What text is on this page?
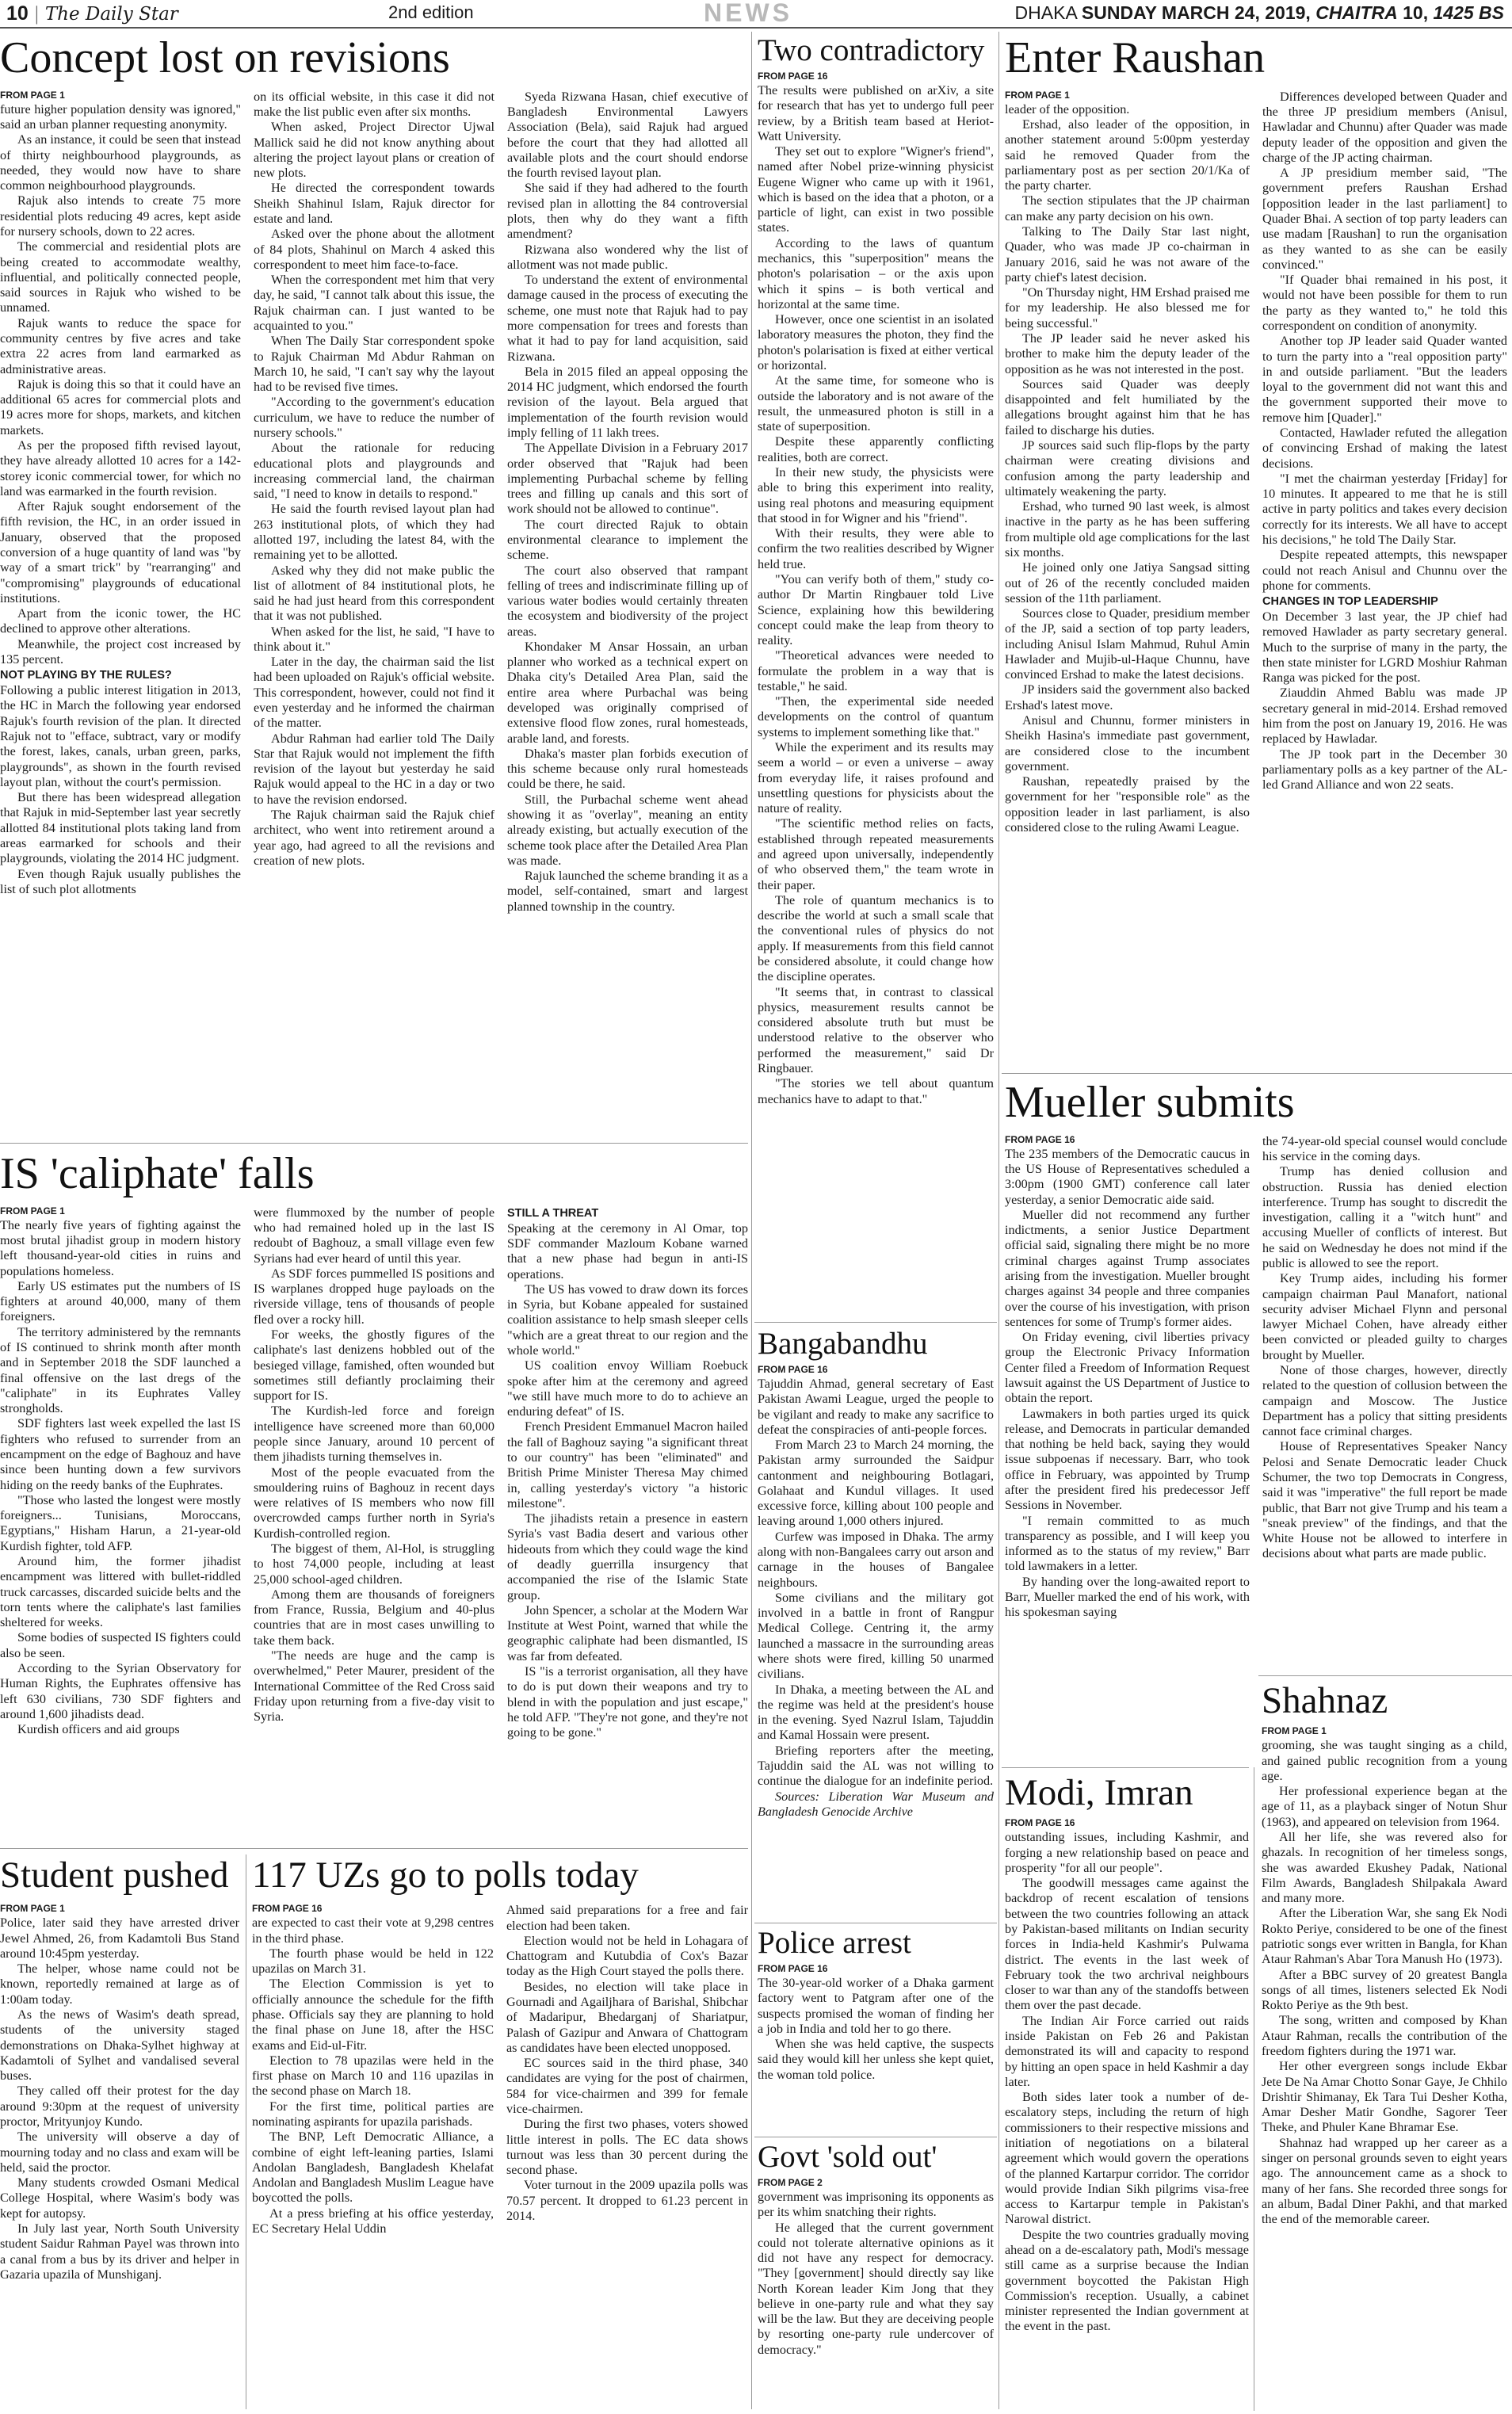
10 | The Daily Star	2nd edition	NEWS	DHAKA SUNDAY MARCH 24, 2019, CHAITRA 10, 1425 BS
Concept lost on revisions
FROM PAGE 1

future higher population density was ignored," said an urban planner requesting anonymity.

As an instance, it could be seen that instead of thirty neighbourhood playgrounds, as needed, they would now have to share common neighbourhood playgrounds.

Rajuk also intends to create 75 more residential plots reducing 49 acres, kept aside for nursery schools, down to 22 acres.

The commercial and residential plots are being created to accommodate wealthy, influential, and politically connected people, said sources in Rajuk who wished to be unnamed.

Rajuk wants to reduce the space for community centres by five acres and take extra 22 acres from land earmarked as administrative areas.

Rajuk is doing this so that it could have an additional 65 acres for commercial plots and 19 acres more for shops, markets, and kitchen markets.

As per the proposed fifth revised layout, they have already allotted 10 acres for a 142-storey iconic commercial tower, for which no land was earmarked in the fourth revision.

After Rajuk sought endorsement of the fifth revision, the HC, in an order issued in January, observed that the proposed conversion of a huge quantity of land was "by way of a smart trick" by "rearranging" and "compromising" playgrounds of educational institutions.

Apart from the iconic tower, the HC declined to approve other alterations.

Meanwhile, the project cost increased by 135 percent.

NOT PLAYING BY THE RULES?

Following a public interest litigation in 2013, the HC in March the following year endorsed Rajuk's fourth revision of the plan. It directed Rajuk not to "efface, subtract, vary or modify the forest, lakes, canals, urban green, parks, playgrounds", as shown in the fourth revised layout plan, without the court's permission.

But there has been widespread allegation that Rajuk in mid-September last year secretly allotted 84 institutional plots taking land from areas earmarked for schools and their playgrounds, violating the 2014 HC judgment.

Even though Rajuk usually publishes the list of such plot allotments

on its official website, in this case it did not make the list public even after six months.

When asked, Project Director Ujwal Mallick said he did not know anything about altering the project layout plans or creation of new plots.

He directed the correspondent towards Sheikh Shahinul Islam, Rajuk director for estate and land.

Asked over the phone about the allotment of 84 plots, Shahinul on March 4 asked this correspondent to meet him face-to-face.

When the correspondent met him that very day, he said, "I cannot talk about this issue, the Rajuk chairman can. I just wanted to be acquainted to you."

When The Daily Star correspondent spoke to Rajuk Chairman Md Abdur Rahman on March 10, he said, "I can't say why the layout had to be revised five times.

"According to the government's education curriculum, we have to reduce the number of nursery schools."

About the rationale for reducing educational plots and playgrounds and increasing commercial land, the chairman said, "I need to know in details to respond."

He said the fourth revised layout plan had 263 institutional plots, of which they had allotted 197, including the latest 84, with the remaining yet to be allotted.

Asked why they did not make public the list of allotment of 84 institutional plots, he said he had just heard from this correspondent that it was not published.

When asked for the list, he said, "I have to think about it."

Later in the day, the chairman said the list had been uploaded on Rajuk's official website. This correspondent, however, could not find it even yesterday and he informed the chairman of the matter.

Abdur Rahman had earlier told The Daily Star that Rajuk would not implement the fifth revision of the layout but yesterday he said Rajuk would appeal to the HC in a day or two to have the revision endorsed.

The Rajuk chairman said the Rajuk chief architect, who went into retirement around a year ago, had agreed to all the revisions and creation of new plots.

Syeda Rizwana Hasan, chief executive of Bangladesh Environmental Lawyers Association (Bela), said Rajuk had argued before the court that they had allotted all available plots and the court should endorse the fourth revised layout plan.

She said if they had adhered to the fourth revised plan in allotting the 84 controversial plots, then why do they want a fifth amendment?

Rizwana also wondered why the list of allotment was not made public.

To understand the extent of environmental damage caused in the process of executing the scheme, one must note that Rajuk had to pay more compensation for trees and forests than what it had to pay for land acquisition, said Rizwana.

Bela in 2015 filed an appeal opposing the 2014 HC judgment, which endorsed the fourth revision of the layout. Bela argued that implementation of the fourth revision would imply felling of 11 lakh trees.

The Appellate Division in a February 2017 order observed that "Rajuk had been implementing Purbachal scheme by felling trees and filling up canals and this sort of work should not be allowed to continue".

The court directed Rajuk to obtain environmental clearance to implement the scheme.

The court also observed that rampant felling of trees and indiscriminate filling up of various water bodies would certainly threaten the ecosystem and biodiversity of the project areas.

Khondaker M Ansar Hossain, an urban planner who worked as a technical expert on Dhaka city's Detailed Area Plan, said the entire area where Purbachal was being developed was originally comprised of extensive flood flow zones, rural homesteads, arable land, and forests.

Dhaka's master plan forbids execution of this scheme because only rural homesteads could be there, he said.

Still, the Purbachal scheme went ahead showing it as "overlay", meaning an entity already existing, but actually execution of the scheme took place after the Detailed Area Plan was made.

Rajuk launched the scheme branding it as a model, self-contained, smart and largest planned township in the country.

IS 'caliphate' falls
FROM PAGE 1

The nearly five years of fighting against the most brutal jihadist group in modern history left thousand-year-old cities in ruins and populations homeless.

Early US estimates put the numbers of IS fighters at around 40,000, many of them foreigners.

The territory administered by the remnants of IS continued to shrink month after month and in September 2018 the SDF launched a final offensive on the last dregs of the "caliphate" in its Euphrates Valley strongholds.

SDF fighters last week expelled the last IS fighters who refused to surrender from an encampment on the edge of Baghouz and have since been hunting down a few survivors hiding on the reedy banks of the Euphrates.

"Those who lasted the longest were mostly foreigners... Tunisians, Moroccans, Egyptians," Hisham Harun, a 21-year-old Kurdish fighter, told AFP.

Around him, the former jihadist encampment was littered with bullet-riddled truck carcasses, discarded suicide belts and the torn tents where the caliphate's last families sheltered for weeks.

Some bodies of suspected IS fighters could also be seen.

According to the Syrian Observatory for Human Rights, the Euphrates offensive has left 630 civilians, 730 SDF fighters and around 1,600 jihadists dead.

Kurdish officers and aid groups

were flummoxed by the number of people who had remained holed up in the last IS redoubt of Baghouz, a small village even few Syrians had ever heard of until this year.

As SDF forces pummelled IS positions and IS warplanes dropped huge payloads on the riverside village, tens of thousands of people fled over a rocky hill.

For weeks, the ghostly figures of the caliphate's last denizens hobbled out of the besieged village, famished, often wounded but sometimes still defiantly proclaiming their support for IS.

The Kurdish-led force and foreign intelligence have screened more than 60,000 people since January, around 10 percent of them jihadists turning themselves in.

Most of the people evacuated from the smouldering ruins of Baghouz in recent days were relatives of IS members who now fill overcrowded camps further north in Syria's Kurdish-controlled region.

The biggest of them, Al-Hol, is struggling to host 74,000 people, including at least 25,000 school-aged children.

Among them are thousands of foreigners from France, Russia, Belgium and 40-plus countries that are in most cases unwilling to take them back.

"The needs are huge and the camp is overwhelmed," Peter Maurer, president of the International Committee of the Red Cross said Friday upon returning from a five-day visit to Syria.

STILL A THREAT

Speaking at the ceremony in Al Omar, top SDF commander Mazloum Kobane warned that a new phase had begun in anti-IS operations.

The US has vowed to draw down its forces in Syria, but Kobane appealed for sustained coalition assistance to help smash sleeper cells "which are a great threat to our region and the whole world."

US coalition envoy William Roebuck spoke after him at the ceremony and agreed "we still have much more to do to achieve an enduring defeat" of IS.

French President Emmanuel Macron hailed the fall of Baghouz saying "a significant threat to our country" has been "eliminated" and British Prime Minister Theresa May chimed in, calling yesterday's victory "a historic milestone".

The jihadists retain a presence in eastern Syria's vast Badia desert and various other hideouts from which they could wage the kind of deadly guerrilla insurgency that accompanied the rise of the Islamic State group.

John Spencer, a scholar at the Modern War Institute at West Point, warned that while the geographic caliphate had been dismantled, IS was far from defeated.

IS "is a terrorist organisation, all they have to do is put down their weapons and try to blend in with the population and just escape," he told AFP. "They're not gone, and they're not going to be gone."

Student pushed
FROM PAGE 1

Police, later said they have arrested driver Jewel Ahmed, 26, from Kadamtoli Bus Stand around 10:45pm yesterday.

The helper, whose name could not be known, reportedly remained at large as of 1:00am today.

As the news of Wasim's death spread, students of the university staged demonstrations on Dhaka-Sylhet highway at Kadamtoli of Sylhet and vandalised several buses.

They called off their protest for the day around 9:30pm at the request of university proctor, Mrityunjoy Kundo.

The university will observe a day of mourning today and no class and exam will be held, said the proctor.

Many students crowded Osmani Medical College Hospital, where Wasim's body was kept for autopsy.

In July last year, North South University student Saidur Rahman Payel was thrown into a canal from a bus by its driver and helper in Gazaria upazila of Munshiganj.

117 UZs go to polls today
FROM PAGE 16

are expected to cast their vote at 9,298 centres in the third phase.

The fourth phase would be held in 122 upazilas on March 31.

The Election Commission is yet to officially announce the schedule for the fifth phase. Officials say they are planning to hold the final phase on June 18, after the HSC exams and Eid-ul-Fitr.

Election to 78 upazilas were held in the first phase on March 10 and 116 upazilas in the second phase on March 18.

For the first time, political parties are nominating aspirants for upazila parishads.

The BNP, Left Democratic Alliance, a combine of eight left-leaning parties, Islami Andolan Bangladesh, Bangladesh Khelafat Andolan and Bangladesh Muslim League have boycotted the polls.

At a press briefing at his office yesterday, EC Secretary Helal Uddin

Ahmed said preparations for a free and fair election had been taken.

Election would not be held in Lohagara of Chattogram and Kutubdia of Cox's Bazar today as the High Court stayed the polls there.

Besides, no election will take place in Gournadi and Agailjhara of Barishal, Shibchar of Madaripur, Bhedarganj of Shariatpur, Palash of Gazipur and Anwara of Chattogram as candidates have been elected unopposed.

EC sources said in the third phase, 340 candidates are vying for the post of chairmen, 584 for vice-chairmen and 399 for female vice-chairmen.

During the first two phases, voters showed little interest in polls. The EC data shows turnout was less than 30 percent during the second phase.

Voter turnout in the 2009 upazila polls was 70.57 percent. It dropped to 61.23 percent in 2014.

Two contradictory
FROM PAGE 16

The results were published on arXiv, a site for research that has yet to undergo full peer review, by a British team based at Heriot-Watt University.

They set out to explore "Wigner's friend", named after Nobel prize-winning physicist Eugene Wigner who came up with it 1961, which is based on the idea that a photon, or a particle of light, can exist in two possible states.

According to the laws of quantum mechanics, this "superposition" means the photon's polarisation – or the axis upon which it spins – is both vertical and horizontal at the same time.

However, once one scientist in an isolated laboratory measures the photon, they find the photon's polarisation is fixed at either vertical or horizontal.

At the same time, for someone who is outside the laboratory and is not aware of the result, the unmeasured photon is still in a state of superposition.

Despite these apparently conflicting realities, both are correct.

In their new study, the physicists were able to bring this experiment into reality, using real photons and measuring equipment that stood in for Wigner and his "friend".

With their results, they were able to confirm the two realities described by Wigner held true.

"You can verify both of them," study co-author Dr Martin Ringbauer told Live Science, explaining how this bewildering concept could make the leap from theory to reality.

"Theoretical advances were needed to formulate the problem in a way that is testable," he said.

"Then, the experimental side needed developments on the control of quantum systems to implement something like that."

While the experiment and its results may seem a world – or even a universe – away from everyday life, it raises profound and unsettling questions for physicists about the nature of reality.

"The scientific method relies on facts, established through repeated measurements and agreed upon universally, independently of who observed them," the team wrote in their paper.

The role of quantum mechanics is to describe the world at such a small scale that the conventional rules of physics do not apply. If measurements from this field cannot be considered absolute, it could change how the discipline operates.

"It seems that, in contrast to classical physics, measurement results cannot be considered absolute truth but must be understood relative to the observer who performed the measurement," said Dr Ringbauer.

"The stories we tell about quantum mechanics have to adapt to that."

Bangabandhu
FROM PAGE 16

Tajuddin Ahmad, general secretary of East Pakistan Awami League, urged the people to be vigilant and ready to make any sacrifice to defeat the conspiracies of anti-people forces.

From March 23 to March 24 morning, the Pakistan army surrounded the Saidpur cantonment and neighbouring Botlagari, Golahaat and Kundul villages. It used excessive force, killing about 100 people and leaving around 1,000 others injured.

Curfew was imposed in Dhaka. The army along with non-Bangalees carry out arson and carnage in the houses of Bangalee neighbours.

Some civilians and the military got involved in a battle in front of Rangpur Medical College. Centring it, the army launched a massacre in the surrounding areas where shots were fired, killing 50 unarmed civilians.

In Dhaka, a meeting between the AL and the regime was held at the president's house in the evening. Syed Nazrul Islam, Tajuddin and Kamal Hossain were present.

Briefing reporters after the meeting, Tajuddin said the AL was not willing to continue the dialogue for an indefinite period.

Sources: Liberation War Museum and Bangladesh Genocide Archive

Police arrest
FROM PAGE 16

The 30-year-old worker of a Dhaka garment factory went to Patgram after one of the suspects promised the woman of finding her a job in India and told her to go there.

When she was held captive, the suspects said they would kill her unless she kept quiet, the woman told police.

Govt 'sold out'
FROM PAGE 2

government was imprisoning its opponents as per its whim snatching their rights.

He alleged that the current government could not tolerate alternative opinions as it did not have any respect for democracy. "They [government] should directly say like North Korean leader Kim Jong that they believe in one-party rule and what they say will be the law. But they are deceiving people by resorting one-party rule undercover of democracy."

Enter Raushan
FROM PAGE 1

leader of the opposition.

Ershad, also leader of the opposition, in another statement around 5:00pm yesterday said he removed Quader from the parliamentary post as per section 20/1/Ka of the party charter.

The section stipulates that the JP chairman can make any party decision on his own.

Talking to The Daily Star last night, Quader, who was made JP co-chairman in January 2016, said he was not aware of the party chief's latest decision.

"On Thursday night, HM Ershad praised me for my leadership. He also blessed me for being successful."

The JP leader said he never asked his brother to make him the deputy leader of the opposition as he was not interested in the post.

Sources said Quader was deeply disappointed and felt humiliated by the allegations brought against him that he has failed to discharge his duties.

JP sources said such flip-flops by the party chairman were creating divisions and confusion among the party leadership and ultimately weakening the party.

Ershad, who turned 90 last week, is almost inactive in the party as he has been suffering from multiple old age complications for the last six months.

He joined only one Jatiya Sangsad sitting out of 26 of the recently concluded maiden session of the 11th parliament.

Sources close to Quader, presidium member of the JP, said a section of top party leaders, including Anisul Islam Mahmud, Ruhul Amin Hawlader and Mujib-ul-Haque Chunnu, have convinced Ershad to make the latest decisions.

JP insiders said the government also backed Ershad's latest move.

Anisul and Chunnu, former ministers in Sheikh Hasina's immediate past government, are considered close to the incumbent government.

Raushan, repeatedly praised by the government for her "responsible role" as the opposition leader in last parliament, is also considered close to the ruling Awami League.

Differences developed between Quader and the three JP presidium members (Anisul, Hawladar and Chunnu) after Quader was made deputy leader of the opposition and given the charge of the JP acting chairman.

A JP presidium member said, "The government prefers Raushan Ershad [opposition leader in the last parliament] to Quader Bhai. A section of top party leaders can use madam [Raushan] to run the organisation as they wanted to as she can be easily convinced."

"If Quader bhai remained in his post, it would not have been possible for them to run the party as they wanted to," he told this correspondent on condition of anonymity.

Another top JP leader said Quader wanted to turn the party into a "real opposition party" in and outside parliament. "But the leaders loyal to the government did not want this and the government supported their move to remove him [Quader]."

Contacted, Hawlader refuted the allegation of convincing Ershad of making the latest decisions.

"I met the chairman yesterday [Friday] for 10 minutes. It appeared to me that he is still active in party politics and takes every decision correctly for its interests. We all have to accept his decisions," he told The Daily Star.

Despite repeated attempts, this newspaper could not reach Anisul and Chunnu over the phone for comments.

CHANGES IN TOP LEADERSHIP

On December 3 last year, the JP chief had removed Hawlader as party secretary general. Much to the surprise of many in the party, the then state minister for LGRD Moshiur Rahman Ranga was picked for the post.

Ziauddin Ahmed Bablu was made JP secretary general in mid-2014. Ershad removed him from the post on January 19, 2016. He was replaced by Hawladar.

The JP took part in the December 30 parliamentary polls as a key partner of the AL-led Grand Alliance and won 22 seats.

Mueller submits
FROM PAGE 16

The 235 members of the Democratic caucus in the US House of Representatives scheduled a 3:00pm (1900 GMT) conference call later yesterday, a senior Democratic aide said.

Mueller did not recommend any further indictments, a senior Justice Department official said, signaling there might be no more criminal charges against Trump associates arising from the investigation. Mueller brought charges against 34 people and three companies over the course of his investigation, with prison sentences for some of Trump's former aides.

On Friday evening, civil liberties privacy group the Electronic Privacy Information Center filed a Freedom of Information Request lawsuit against the US Department of Justice to obtain the report.

Lawmakers in both parties urged its quick release, and Democrats in particular demanded that nothing be held back, saying they would issue subpoenas if necessary. Barr, who took office in February, was appointed by Trump after the president fired his predecessor Jeff Sessions in November.

"I remain committed to as much transparency as possible, and I will keep you informed as to the status of my review," Barr told lawmakers in a letter.

By handing over the long-awaited report to Barr, Mueller marked the end of his work, with his spokesman saying

the 74-year-old special counsel would conclude his service in the coming days.

Trump has denied collusion and obstruction. Russia has denied election interference. Trump has sought to discredit the investigation, calling it a "witch hunt" and accusing Mueller of conflicts of interest. But he said on Wednesday he does not mind if the public is allowed to see the report.

Key Trump aides, including his former campaign chairman Paul Manafort, national security adviser Michael Flynn and personal lawyer Michael Cohen, have already either been convicted or pleaded guilty to charges brought by Mueller.

None of those charges, however, directly related to the question of collusion between the campaign and Moscow. The Justice Department has a policy that sitting presidents cannot face criminal charges.

House of Representatives Speaker Nancy Pelosi and Senate Democratic leader Chuck Schumer, the two top Democrats in Congress, said it was "imperative" the full report be made public, that Barr not give Trump and his team a "sneak preview" of the findings, and that the White House not be allowed to interfere in decisions about what parts are made public.

Modi, Imran
FROM PAGE 16

outstanding issues, including Kashmir, and forging a new relationship based on peace and prosperity "for all our people".

The goodwill messages came against the backdrop of recent escalation of tensions between the two countries following an attack by Pakistan-based militants on Indian security forces in India-held Kashmir's Pulwama district. The events in the last week of February took the two archrival neighbours closer to war than any of the standoffs between them over the past decade.

The Indian Air Force carried out raids inside Pakistan on Feb 26 and Pakistan demonstrated its will and capacity to respond by hitting an open space in held Kashmir a day later.

Both sides later took a number of de-escalatory steps, including the return of high commissioners to their respective missions and initiation of negotiations on a bilateral agreement which would govern the operations of the planned Kartarpur corridor. The corridor would provide Indian Sikh pilgrims visa-free access to Kartarpur temple in Pakistan's Narowal district.

Despite the two countries gradually moving ahead on a de-escalatory path, Modi's message still came as a surprise because the Indian government boycotted the Pakistan High Commission's reception. Usually, a cabinet minister represented the Indian government at the event in the past.

Shahnaz
FROM PAGE 1

grooming, she was taught singing as a child, and gained public recognition from a young age.

Her professional experience began at the age of 11, as a playback singer of Notun Shur (1963), and appeared on television from 1964.

All her life, she was revered also for ghazals. In recognition of her timeless songs, she was awarded Ekushey Padak, National Film Awards, Bangladesh Shilpakala Award and many more.

After the Liberation War, she sang Ek Nodi Rokto Periye, considered to be one of the finest patriotic songs ever written in Bangla, for Khan Ataur Rahman's Abar Tora Manush Ho (1973).

After a BBC survey of 20 greatest Bangla songs of all times, listeners selected Ek Nodi Rokto Periye as the 9th best.

The song, written and composed by Khan Ataur Rahman, recalls the contribution of the freedom fighters during the 1971 war.

Her other evergreen songs include Ekbar Jete De Na Amar Chotto Sonar Gaye, Je Chhilo Drishtir Shimanay, Ek Tara Tui Desher Kotha, Amar Desher Matir Gondhe, Sagorer Teer Thekе, and Phuler Kane Bhramar Ese.

Shahnaz had wrapped up her career as a singer on personal grounds seven to eight years ago. The announcement came as a shock to many of her fans. She recorded three songs for an album, Badal Diner Pakhi, and that marked the end of the memorable career.
